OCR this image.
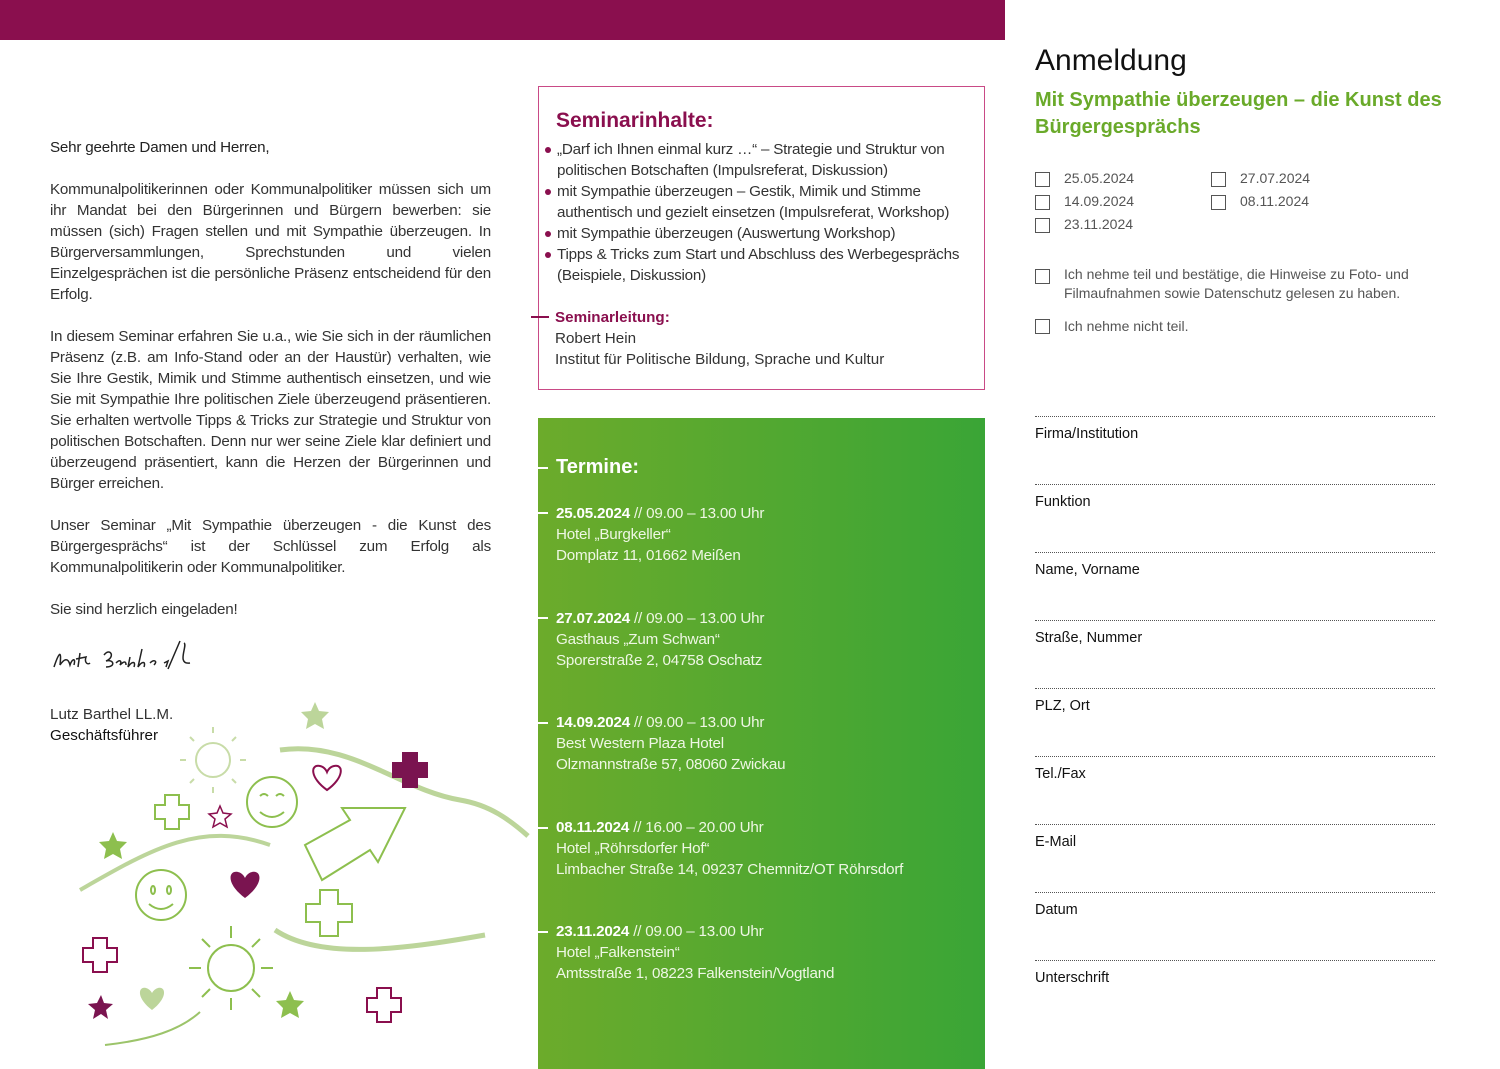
Sehr geehrte Damen und Herren,

Kommunalpolitikerinnen oder Kommunalpolitiker müssen sich um ihr Mandat bei den Bürgerinnen und Bürgern bewerben: sie müssen (sich) Fragen stellen und mit Sympathie überzeugen. In Bürgerversammlungen, Sprechstunden und vielen Einzelgesprächen ist die persönliche Präsenz entscheidend für den Erfolg.

In diesem Seminar erfahren Sie u.a., wie Sie sich in der räumlichen Präsenz (z.B. am Info-Stand oder an der Haustür) verhalten, wie Sie Ihre Gestik, Mimik und Stimme authentisch einsetzen, und wie Sie mit Sympathie Ihre politischen Ziele überzeugend präsentieren. Sie erhalten wertvolle Tipps & Tricks zur Strategie und Struktur von politischen Botschaften. Denn nur wer seine Ziele klar definiert und überzeugend präsentiert, kann die Herzen der Bürgerinnen und Bürger erreichen.

Unser Seminar „Mit Sympathie überzeugen - die Kunst des Bürgergesprächs“ ist der Schlüssel zum Erfolg als Kommunalpolitikerin oder Kommunalpolitiker.

Sie sind herzlich eingeladen!

Lutz Barthel LL.M.
Geschäftsführer
Seminarinhalte:
„Darf ich Ihnen einmal kurz …“ – Strategie und Struktur von politischen Botschaften (Impulsreferat, Diskussion)
mit Sympathie überzeugen – Gestik, Mimik und Stimme authentisch und gezielt einsetzen (Impulsreferat, Workshop)
mit Sympathie überzeugen (Auswertung Workshop)
Tipps & Tricks zum Start und Abschluss des Werbegesprächs (Beispiele, Diskussion)
Seminarleitung:
Robert Hein
Institut für Politische Bildung, Sprache und Kultur
Termine:
25.05.2024 // 09.00 – 13.00 Uhr
Hotel „Burgkeller“
Domplatz 11, 01662 Meißen
27.07.2024 // 09.00 – 13.00 Uhr
Gasthaus „Zum Schwan“
Sporerstraße 2, 04758 Oschatz
14.09.2024 // 09.00 – 13.00 Uhr
Best Western Plaza Hotel
Olzmannstraße 57, 08060 Zwickau
08.11.2024 // 16.00 – 20.00 Uhr
Hotel „Röhrsdorfer Hof“
Limbacher Straße 14, 09237 Chemnitz/OT Röhrsdorf
23.11.2024 // 09.00 – 13.00 Uhr
Hotel „Falkenstein“
Amtsstraße 1, 08223 Falkenstein/Vogtland
Anmeldung
Mit Sympathie überzeugen – die Kunst des Bürgergesprächs
25.05.2024	27.07.2024
14.09.2024	08.11.2024
23.11.2024
Ich nehme teil und bestätige, die Hinweise zu Foto- und Filmaufnahmen sowie Datenschutz gelesen zu haben.
Ich nehme nicht teil.
Firma/Institution
Funktion
Name, Vorname
Straße, Nummer
PLZ, Ort
Tel./Fax
E-Mail
Datum
Unterschrift
